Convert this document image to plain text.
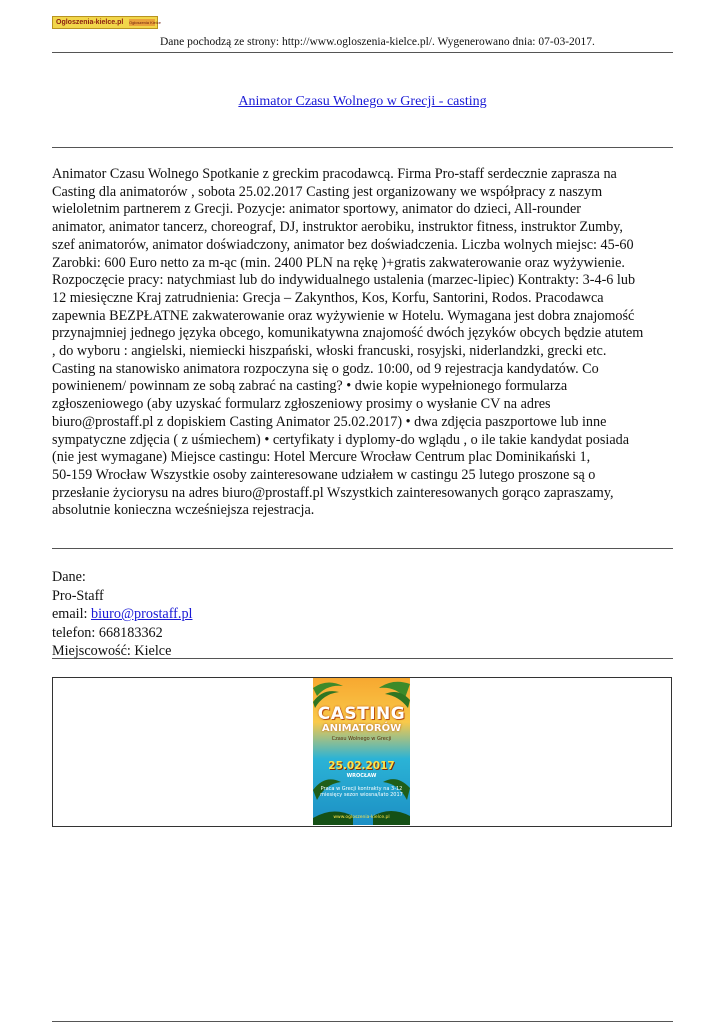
Ogloszenia-kielce.pl Ogłoszenia Kielce
Dane pochodzą ze strony: http://www.ogloszenia-kielce.pl/. Wygenerowano dnia: 07-03-2017.
Animator Czasu Wolnego w Grecji - casting
Animator Czasu Wolnego Spotkanie z greckim pracodawcą. Firma Pro-staff serdecznie zaprasza na
Casting dla animatorów , sobota 25.02.2017 Casting jest organizowany we współpracy z naszym
wieloletnim partnerem z Grecji. Pozycje: animator sportowy, animator do dzieci, All-rounder
animator, animator tancerz, choreograf, DJ, instruktor aerobiku, instruktor fitness, instruktor Zumby,
szef animatorów, animator doświadczony, animator bez doświadczenia. Liczba wolnych miejsc: 45-60
Zarobki: 600 Euro netto za m-ąc (min. 2400 PLN na rękę )+gratis zakwaterowanie oraz wyżywienie.
Rozpoczęcie pracy: natychmiast lub do indywidualnego ustalenia (marzec-lipiec) Kontrakty: 3-4-6 lub
12 miesięczne Kraj zatrudnienia: Grecja – Zakynthos, Kos, Korfu, Santorini, Rodos. Pracodawca
zapewnia BEZPŁATNE zakwaterowanie oraz wyżywienie w Hotelu. Wymagana jest dobra znajomość
przynajmniej jednego języka obcego, komunikatywna znajomość dwóch języków obcych będzie atutem
, do wyboru : angielski, niemiecki hiszpański, włoski francuski, rosyjski, niderlandzki, grecki etc.
Casting na stanowisko animatora rozpoczyna się o godz. 10:00, od 9 rejestracja kandydatów. Co
powinienem/ powinnam ze sobą zabrać na casting? • dwie kopie wypełnionego formularza
zgłoszeniowego (aby uzyskać formularz zgłoszeniowy prosimy o wysłanie CV na adres
biuro@prostaff.pl z dopiskiem Casting Animator 25.02.2017) • dwa zdjęcia paszportowe lub inne
sympatyczne zdjęcia ( z uśmiechem) • certyfikaty i dyplomy-do wglądu , o ile takie kandydat posiada
(nie jest wymagane) Miejsce castingu: Hotel Mercure Wrocław Centrum plac Dominikański 1,
50-159 Wrocław Wszystkie osoby zainteresowane udziałem w castingu 25 lutego proszone są o
przesłanie życiorysu na adres biuro@prostaff.pl Wszystkich zainteresowanych gorąco zapraszamy,
absolutnie konieczna wcześniejsza rejestracja.
Dane:
Pro-Staff
email: biuro@prostaff.pl
telefon: 668183362
Miejscowość: Kielce
CASTING
ANIMATORÓW
Czasu Wolnego w Grecji
25.02.2017
WROCŁAW
Praca w Grecji kontrakty na 3-12 miesięcy sezon wiosna/lato 2017
www.ogloszenia-kielce.pl
